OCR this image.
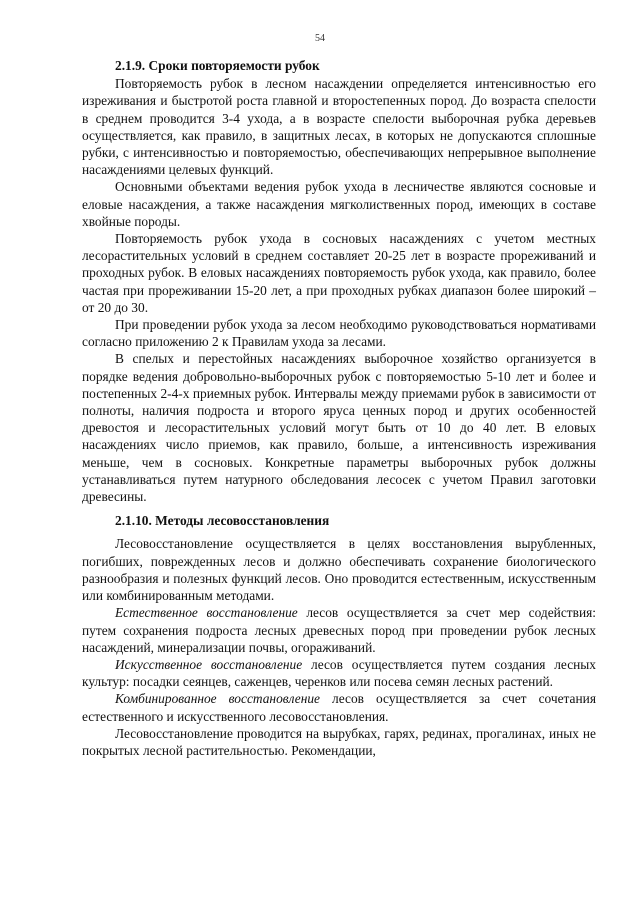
54
2.1.9. Сроки повторяемости рубок

Повторяемость рубок в лесном насаждении определяется интенсивностью его изреживания и быстротой роста главной и второстепенных пород. До возраста спелости в среднем проводится 3-4 ухода, а в возрасте спелости выборочная рубка деревьев осуществляется, как правило, в защитных лесах, в которых не допускаются сплошные рубки, с интенсивностью и повторяемостью, обеспечивающих непрерывное выполнение насаждениями целевых функций.

Основными объектами ведения рубок ухода в лесничестве являются сосновые и еловые насаждения, а также насаждения мягколиственных пород, имеющих в составе хвойные породы.

Повторяемость рубок ухода в сосновых насаждениях с учетом местных лесорастительных условий в среднем составляет 20-25 лет в возрасте прореживаний и проходных рубок. В еловых насаждениях повторяемость рубок ухода, как правило, более частая при прореживании 15-20 лет, а при проходных рубках диапазон более широкий – от 20 до 30.

При проведении рубок ухода за лесом необходимо руководствоваться нормативами согласно приложению 2 к Правилам ухода за лесами.

В спелых и перестойных насаждениях выборочное хозяйство организуется в порядке ведения добровольно-выборочных рубок с повторяемостью 5-10 лет и более и постепенных 2-4-х приемных рубок. Интервалы между приемами рубок в зависимости от полноты, наличия подроста и второго яруса ценных пород и других особенностей древостоя и лесорастительных условий могут быть от 10 до 40 лет. В еловых насаждениях число приемов, как правило, больше, а интенсивность изреживания меньше, чем в сосновых. Конкретные параметры выборочных рубок должны устанавливаться путем натурного обследования лесосек с учетом Правил заготовки древесины.

2.1.10. Методы лесовосстановления

Лесовосстановление осуществляется в целях восстановления вырубленных, погибших, поврежденных лесов и должно обеспечивать сохранение биологического разнообразия и полезных функций лесов. Оно проводится естественным, искусственным или комбинированным методами.

Естественное восстановление лесов осуществляется за счет мер содействия: путем сохранения подроста лесных древесных пород при проведении рубок лесных насаждений, минерализации почвы, огораживаний.

Искусственное восстановление лесов осуществляется путем создания лесных культур: посадки сеянцев, саженцев, черенков или посева семян лесных растений.

Комбинированное восстановление лесов осуществляется за счет сочетания естественного и искусственного лесовосстановления.

Лесовосстановление проводится на вырубках, гарях, рединах, прогалинах, иных не покрытых лесной растительностью. Рекомендации,
